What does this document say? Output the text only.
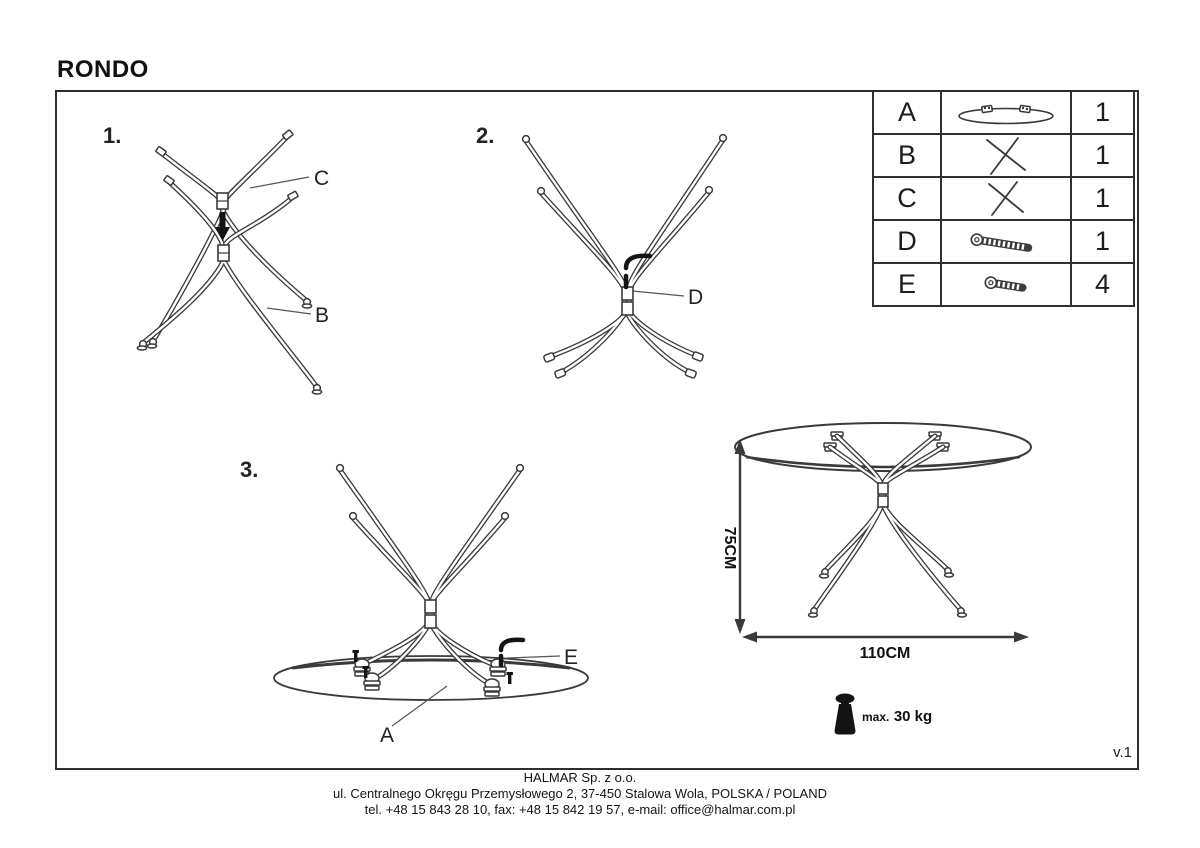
RONDO
1.	2.
3.
C
B
D
E
A
75CM
110CM
A	1
B	1
C	1
D	1
E	4
max. 30 kg
v.1
HALMAR Sp. z o.o.
ul. Centralnego Okręgu Przemysłowego 2, 37-450 Stalowa Wola, POLSKA / POLAND
tel. +48 15 843 28 10, fax: +48 15 842 19 57, e-mail: office@halmar.com.pl
